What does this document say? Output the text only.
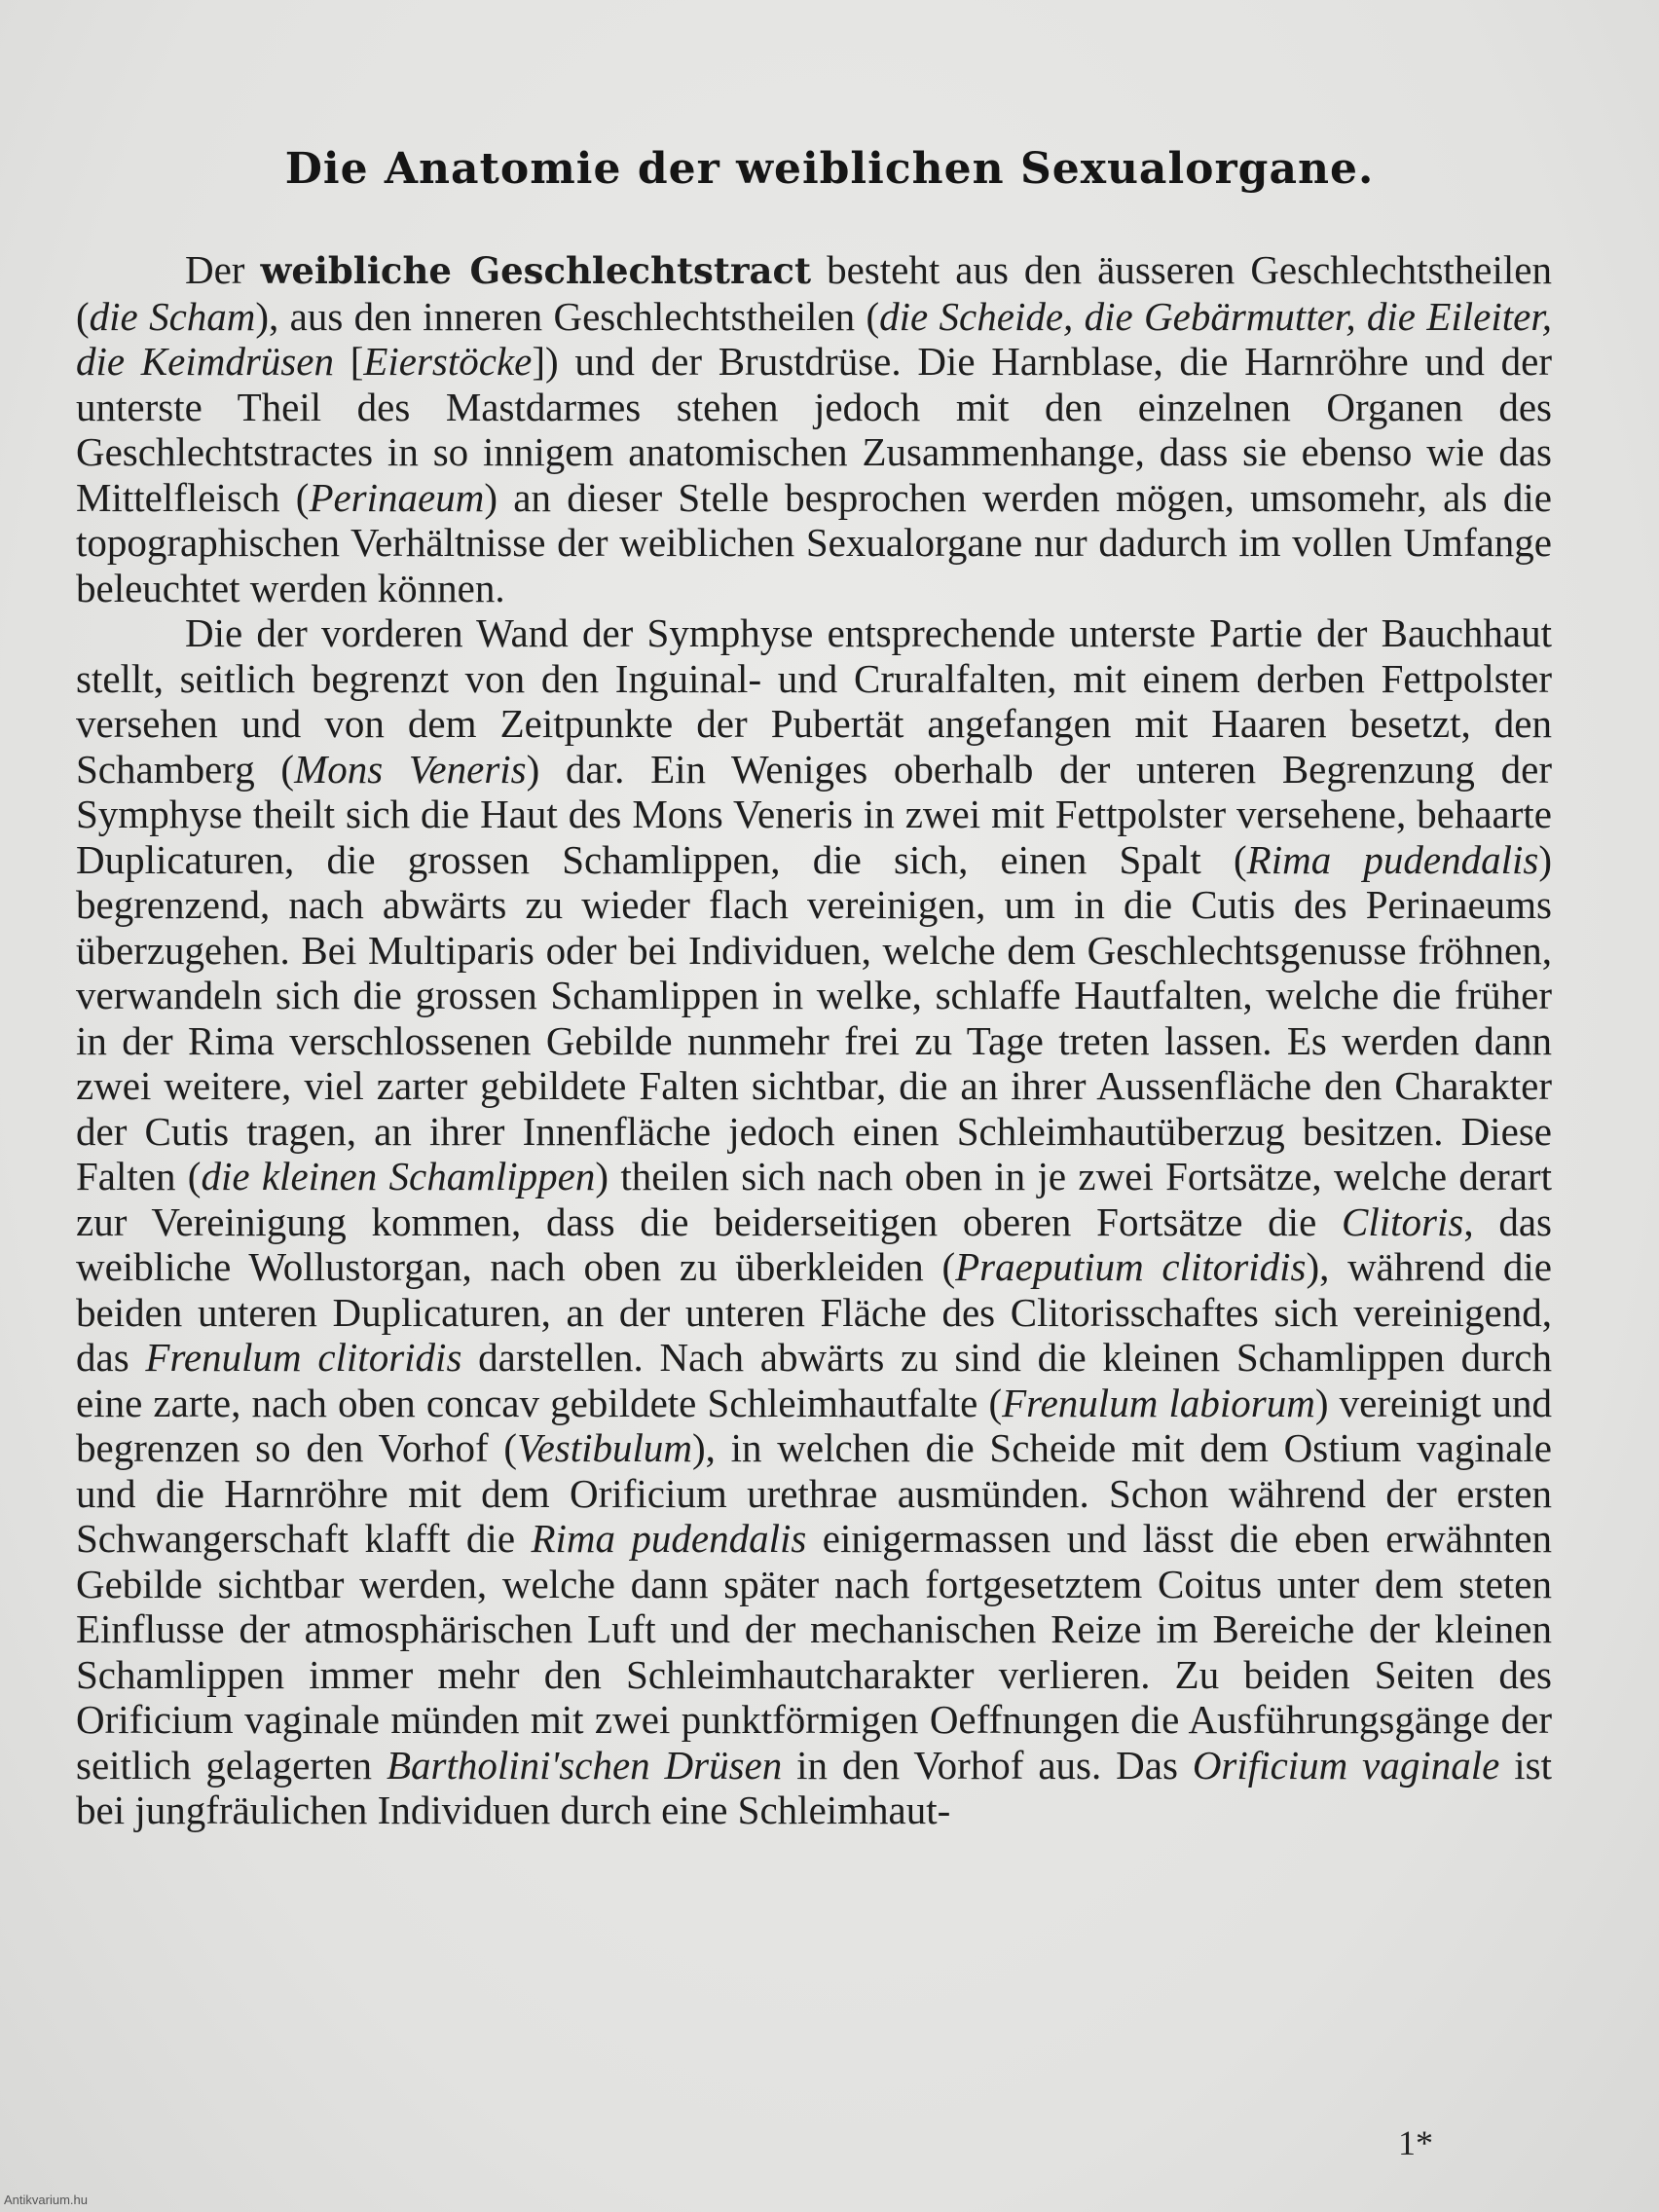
Die Anatomie der weiblichen Sexualorgane.

Der weibliche Geschlechtstract besteht aus den äusseren Geschlechtstheilen (die Scham), aus den inneren Geschlechtstheilen (die Scheide, die Gebärmutter, die Eileiter, die Keimdrüsen [Eierstöcke]) und der Brustdrüse. Die Harnblase, die Harnröhre und der unterste Theil des Mastdarmes stehen jedoch mit den einzelnen Organen des Geschlechtstractes in so innigem anatomischen Zusammenhange, dass sie ebenso wie das Mittelfleisch (Perinaeum) an dieser Stelle besprochen werden mögen, umsomehr, als die topographischen Verhältnisse der weiblichen Sexualorgane nur dadurch im vollen Umfange beleuchtet werden können.

Die der vorderen Wand der Symphyse entsprechende unterste Partie der Bauchhaut stellt, seitlich begrenzt von den Inguinal- und Cruralfalten, mit einem derben Fettpolster versehen und von dem Zeitpunkte der Pubertät angefangen mit Haaren besetzt, den Schamberg (Mons Veneris) dar. Ein Weniges oberhalb der unteren Begrenzung der Symphyse theilt sich die Haut des Mons Veneris in zwei mit Fettpolster versehene, behaarte Duplicaturen, die grossen Schamlippen, die sich, einen Spalt (Rima pudendalis) begrenzend, nach abwärts zu wieder flach vereinigen, um in die Cutis des Perinaeums überzugehen. Bei Multiparis oder bei Individuen, welche dem Geschlechtsgenusse fröhnen, verwandeln sich die grossen Schamlippen in welke, schlaffe Hautfalten, welche die früher in der Rima verschlossenen Gebilde nunmehr frei zu Tage treten lassen. Es werden dann zwei weitere, viel zarter gebildete Falten sichtbar, die an ihrer Aussenfläche den Charakter der Cutis tragen, an ihrer Innenfläche jedoch einen Schleimhautüberzug besitzen. Diese Falten (die kleinen Schamlippen) theilen sich nach oben in je zwei Fortsätze, welche derart zur Vereinigung kommen, dass die beiderseitigen oberen Fortsätze die Clitoris, das weibliche Wollustorgan, nach oben zu überkleiden (Praeputium clitoridis), während die beiden unteren Duplicaturen, an der unteren Fläche des Clitorisschaftes sich vereinigend, das Frenulum clitoridis darstellen. Nach abwärts zu sind die kleinen Schamlippen durch eine zarte, nach oben concav gebildete Schleimhautfalte (Frenulum labiorum) vereinigt und begrenzen so den Vorhof (Vestibulum), in welchen die Scheide mit dem Ostium vaginale und die Harnröhre mit dem Orificium urethrae ausmünden. Schon während der ersten Schwangerschaft klafft die Rima pudendalis einigermassen und lässt die eben erwähnten Gebilde sichtbar werden, welche dann später nach fortgesetztem Coitus unter dem steten Einflusse der atmosphärischen Luft und der mechanischen Reize im Bereiche der kleinen Schamlippen immer mehr den Schleimhautcharakter verlieren. Zu beiden Seiten des Orificium vaginale münden mit zwei punktförmigen Oeffnungen die Ausführungsgänge der seitlich gelagerten Bartholini'schen Drüsen in den Vorhof aus. Das Orificium vaginale ist bei jungfräulichen Individuen durch eine Schleimhaut-

1*
Antikvarium.hu
